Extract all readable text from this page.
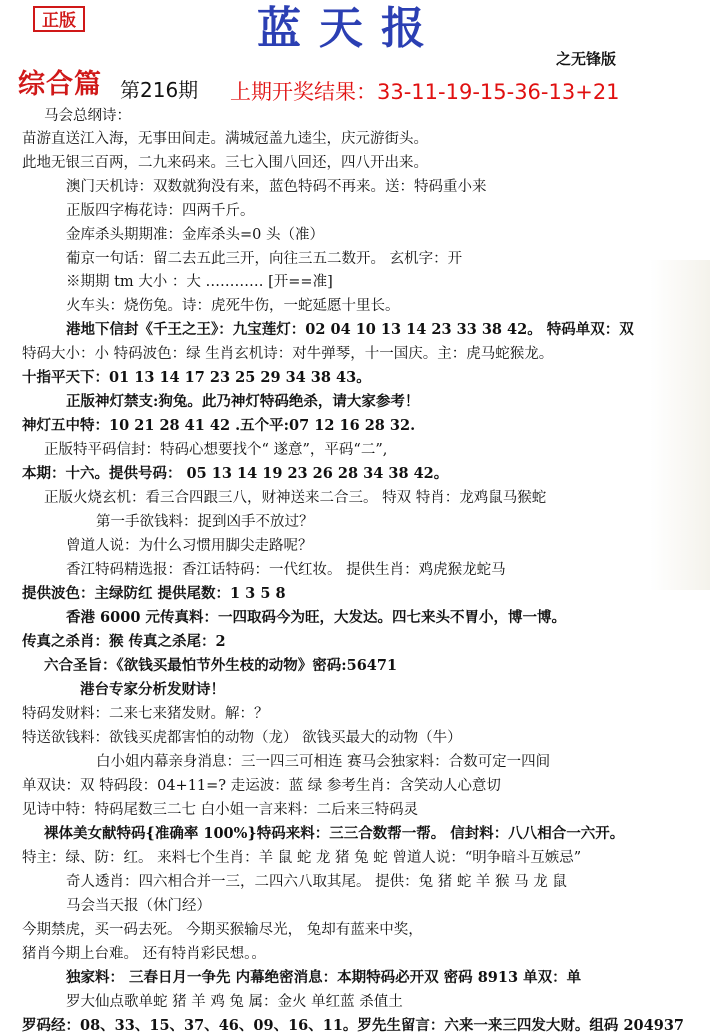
正版	蓝天报
之无锋版
综合篇 第216期 上期开奖结果：33-11-19-15-36-13+21
马会总纲诗：
苗游直送江入海，无事田间走。满城冠盖九逵尘，庆元游街头。
此地无银三百两，二九来码来。三七入围八回还，四八开出来。
澳门天机诗：双数就狗没有来，蓝色特码不再来。送：特码重小来
正版四字梅花诗：四两千斤。
金库杀头期期准：金库杀头=0 头（准）
葡京一句话：留二去五此三开，向往三五二数开。 玄机字：开
※期期 tm 大小 ：大 ………… [开==准]
火车头：烧伤兔。诗：虎死牛伤，一蛇延愿十里长。
港地下信封《千王之王》：九宝莲灯：02 04 10 13 14 23 33 38 42。 特码单双：双
特码大小：小 特码波色：绿 生肖玄机诗：对牛弹琴，十一国庆。主：虎马蛇猴龙。
十指平天下：01 13 14 17 23 25 29 34 38 43。
正版神灯禁支:狗兔。此乃神灯特码绝杀，请大家参考！
神灯五中特：10 21 28 41 42 .五个平:07 12 16 28 32.
正版特平码信封：特码心想要找个“ 遂意”，平码“二”,
本期：十六。提供号码： 05 13 14 19 23 26 28 34 38 42。
正版火烧玄机：看三合四跟三八，财神送来二合三。 特双 特肖：龙鸡鼠马猴蛇
第一手欲钱料：捉到凶手不放过？
曾道人说：为什么习惯用脚尖走路呢？
香江特码精选报：香江话特码：一代红妆。 提供生肖：鸡虎猴龙蛇马
提供波色：主绿防红 提供尾数：1 3 5 8
香港 6000 元传真料：一四取码今为旺，大发达。四七来头不胃小，博一博。
传真之杀肖：猴 传真之杀尾：2
六合圣旨：《欲钱买最怕节外生枝的动物》密码:56471
港台专家分析发财诗！
特码发财料：二来七来猪发财。解：？
特送欲钱料：欲钱买虎都害怕的动物（龙） 欲钱买最大的动物（牛）
白小姐内幕亲身消息：三一四三可相连 赛马会独家料：合数可定一四间
单双诀：双 特码段：04+11=? 走运波：蓝 绿 参考生肖：含笑动人心意切
见诗中特：特码尾数三二七 白小姐一言来料：二后来三特码灵
裸体美女献特码{准确率 100%}特码来料：三三合数帮一帮。 信封料：八八相合一六开。
特主：绿、防：红。 来料七个生肖：羊 鼠 蛇 龙 猪 兔 蛇 曾道人说：“明争暗斗互嫉忌”
奇人透肖：四六相合并一三，二四六八取其尾。 提供：兔 猪 蛇 羊 猴 马 龙 鼠
马会当天报（休门经）
今期禁虎，买一码去死。 今期买猴输尽光， 兔却有蓝来中奖，
猪肖今期上台难。 还有特肖彩民想。。
独家料： 三春日月一争先 内幕绝密消息：本期特码必开双 密码 8913 单双：单
罗大仙点歌单蛇 猪 羊 鸡 兔 属：金火 单红蓝 杀值土
罗码经：08、33、15、37、46、09、16、11。罗先生留言：六来一来三四发大财。组码 204937
